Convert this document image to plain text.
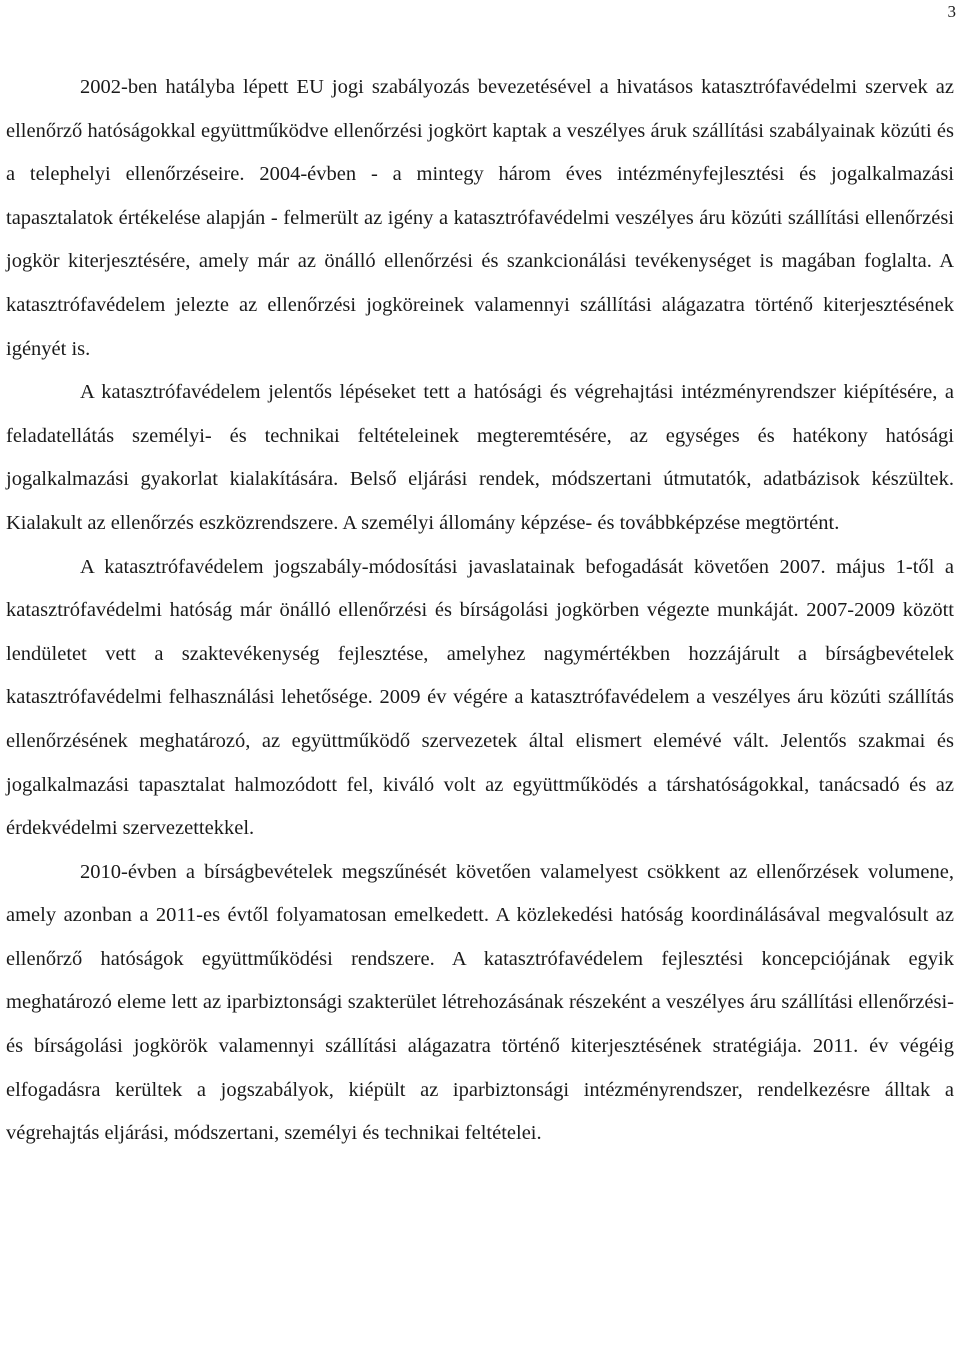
3

2002-ben hatályba lépett EU jogi szabályozás bevezetésével a hivatásos katasztrófavédelmi szervek az ellenőrző hatóságokkal együttműködve ellenőrzési jogkört kaptak a veszélyes áruk szállítási szabályainak közúti és a telephelyi ellenőrzéseire. 2004-évben - a mintegy három éves intézményfejlesztési és jogalkalmazási tapasztalatok értékelése alapján - felmerült az igény a katasztrófavédelmi veszélyes áru közúti szállítási ellenőrzési jogkör kiterjesztésére, amely már az önálló ellenőrzési és szankcionálási tevékenységet is magában foglalta. A katasztrófavédelem jelezte az ellenőrzési jogköreinek valamennyi szállítási alágazatra történő kiterjesztésének igényét is.

A katasztrófavédelem jelentős lépéseket tett a hatósági és végrehajtási intézményrendszer kiépítésére, a feladatellátás személyi- és technikai feltételeinek megteremtésére, az egységes és hatékony hatósági jogalkalmazási gyakorlat kialakítására. Belső eljárási rendek, módszertani útmutatók, adatbázisok készültek. Kialakult az ellenőrzés eszközrendszere. A személyi állomány képzése- és továbbképzése megtörtént.

A katasztrófavédelem jogszabály-módosítási javaslatainak befogadását követően 2007. május 1-től a katasztrófavédelmi hatóság már önálló ellenőrzési és bírságolási jogkörben végezte munkáját. 2007-2009 között lendületet vett a szaktevékenység fejlesztése, amelyhez nagymértékben hozzájárult a bírságbevételek katasztrófavédelmi felhasználási lehetősége. 2009 év végére a katasztrófavédelem a veszélyes áru közúti szállítás ellenőrzésének meghatározó, az együttműködő szervezetek által elismert elemévé vált. Jelentős szakmai és jogalkalmazási tapasztalat halmozódott fel, kiváló volt az együttműködés a társhatóságokkal, tanácsadó és az érdekvédelmi szervezettekkel.

2010-évben a bírságbevételek megszűnését követően valamelyest csökkent az ellenőrzések volumene, amely azonban a 2011-es évtől folyamatosan emelkedett. A közlekedési hatóság koordinálásával megvalósult az ellenőrző hatóságok együttműködési rendszere. A katasztrófavédelem fejlesztési koncepciójának egyik meghatározó eleme lett az iparbiztonsági szakterület létrehozásának részeként a veszélyes áru szállítási ellenőrzési- és bírságolási jogkörök valamennyi szállítási alágazatra történő kiterjesztésének stratégiája. 2011. év végéig elfogadásra kerültek a jogszabályok, kiépült az iparbiztonsági intézményrendszer, rendelkezésre álltak a végrehajtás eljárási, módszertani, személyi és technikai feltételei.
